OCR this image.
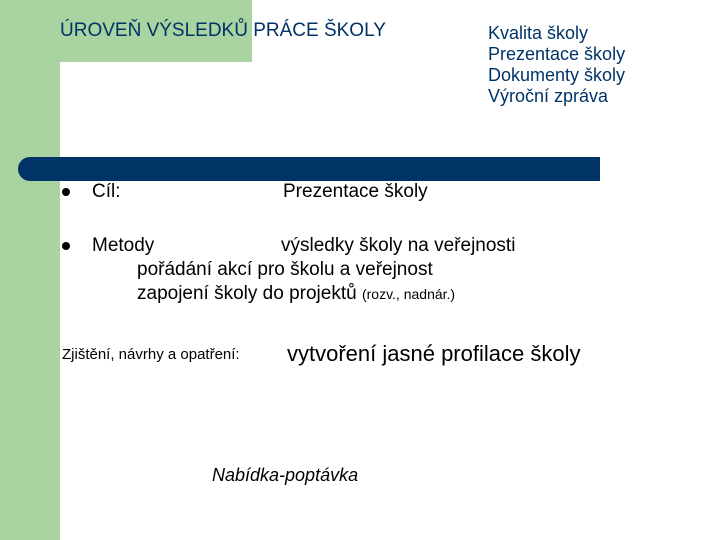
ÚROVEŇ VÝSLEDKŮ PRÁCE ŠKOLY	Kvalita školy
Prezentace školy
Dokumenty školy
Výroční zpráva
Cíl:	Prezentace školy
Metody	výsledky školy na veřejnosti
pořádání akcí pro školu a veřejnost
zapojení školy do projektů (rozv., nadnár.)
Zjištění, návrhy a opatření: vytvoření jasné profilace školy
Nabídka-poptávka
